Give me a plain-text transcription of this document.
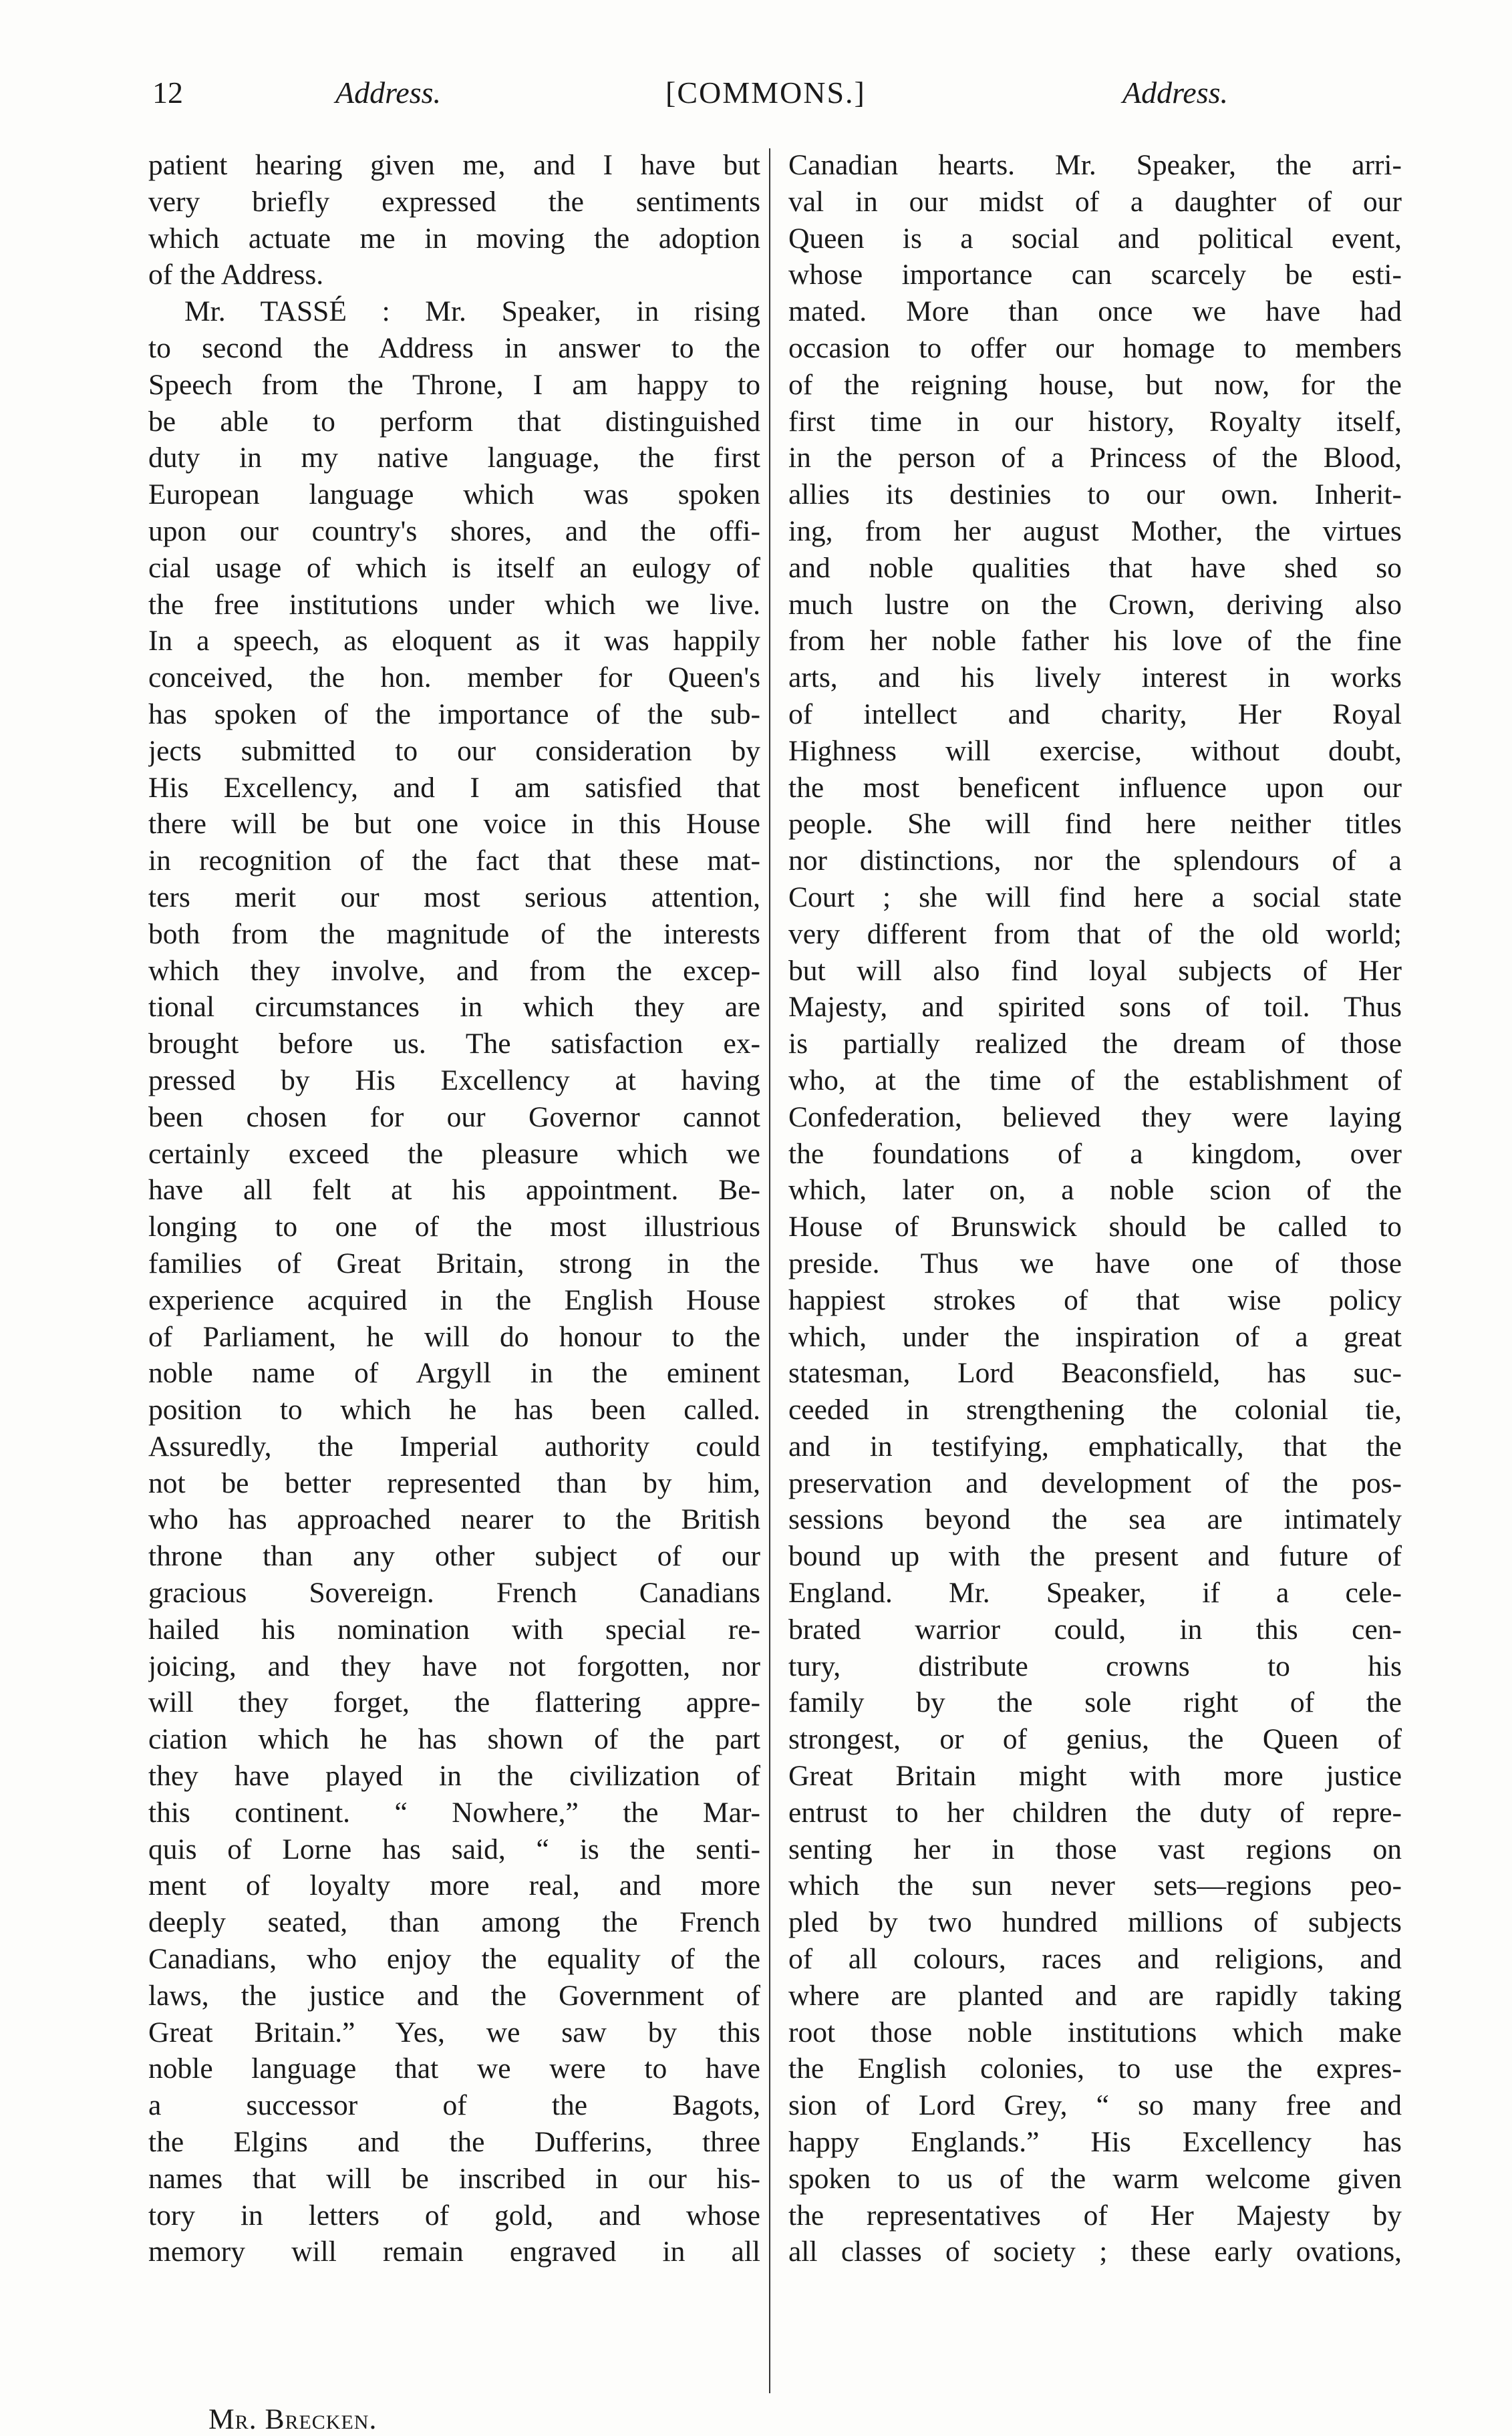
12	Address.	[COMMONS.]	Address.
patient hearing given me, and I have but
very briefly expressed the sentiments
which actuate me in moving the adoption
of the Address.
Mr. TASSÉ : Mr. Speaker, in rising
to second the Address in answer to the
Speech from the Throne, I am happy to
be able to perform that distinguished
duty in my native language, the first
European language which was spoken
upon our country's shores, and the offi-
cial usage of which is itself an eulogy of
the free institutions under which we live.
In a speech, as eloquent as it was happily
conceived, the hon. member for Queen's
has spoken of the importance of the sub-
jects submitted to our consideration by
His Excellency, and I am satisfied that
there will be but one voice in this House
in recognition of the fact that these mat-
ters merit our most serious attention,
both from the magnitude of the interests
which they involve, and from the excep-
tional circumstances in which they are
brought before us. The satisfaction ex-
pressed by His Excellency at having
been chosen for our Governor cannot
certainly exceed the pleasure which we
have all felt at his appointment. Be-
longing to one of the most illustrious
families of Great Britain, strong in the
experience acquired in the English House
of Parliament, he will do honour to the
noble name of Argyll in the eminent
position to which he has been called.
Assuredly, the Imperial authority could
not be better represented than by him,
who has approached nearer to the British
throne than any other subject of our
gracious Sovereign. French Canadians
hailed his nomination with special re-
joicing, and they have not forgotten, nor
will they forget, the flattering appre-
ciation which he has shown of the part
they have played in the civilization of
this continent. “ Nowhere,” the Mar-
quis of Lorne has said, “ is the senti-
ment of loyalty more real, and more
deeply seated, than among the French
Canadians, who enjoy the equality of the
laws, the justice and the Government of
Great Britain.” Yes, we saw by this
noble language that we were to have
a successor of the Bagots,
the Elgins and the Dufferins, three
names that will be inscribed in our his-
tory in letters of gold, and whose
memory will remain engraved in all
Canadian hearts. Mr. Speaker, the arri-
val in our midst of a daughter of our
Queen is a social and political event,
whose importance can scarcely be esti-
mated. More than once we have had
occasion to offer our homage to members
of the reigning house, but now, for the
first time in our history, Royalty itself,
in the person of a Princess of the Blood,
allies its destinies to our own. Inherit-
ing, from her august Mother, the virtues
and noble qualities that have shed so
much lustre on the Crown, deriving also
from her noble father his love of the fine
arts, and his lively interest in works
of intellect and charity, Her Royal
Highness will exercise, without doubt,
the most beneficent influence upon our
people. She will find here neither titles
nor distinctions, nor the splendours of a
Court ; she will find here a social state
very different from that of the old world;
but will also find loyal subjects of Her
Majesty, and spirited sons of toil. Thus
is partially realized the dream of those
who, at the time of the establishment of
Confederation, believed they were laying
the foundations of a kingdom, over
which, later on, a noble scion of the
House of Brunswick should be called to
preside. Thus we have one of those
happiest strokes of that wise policy
which, under the inspiration of a great
statesman, Lord Beaconsfield, has suc-
ceeded in strengthening the colonial tie,
and in testifying, emphatically, that the
preservation and development of the pos-
sessions beyond the sea are intimately
bound up with the present and future of
England. Mr. Speaker, if a cele-
brated warrior could, in this cen-
tury, distribute crowns to his
family by the sole right of the
strongest, or of genius, the Queen of
Great Britain might with more justice
entrust to her children the duty of repre-
senting her in those vast regions on
which the sun never sets—regions peo-
pled by two hundred millions of subjects
of all colours, races and religions, and
where are planted and are rapidly taking
root those noble institutions which make
the English colonies, to use the expres-
sion of Lord Grey, “ so many free and
happy Englands.” His Excellency has
spoken to us of the warm welcome given
the representatives of Her Majesty by
all classes of society ; these early ovations,
Mr. Brecken.
